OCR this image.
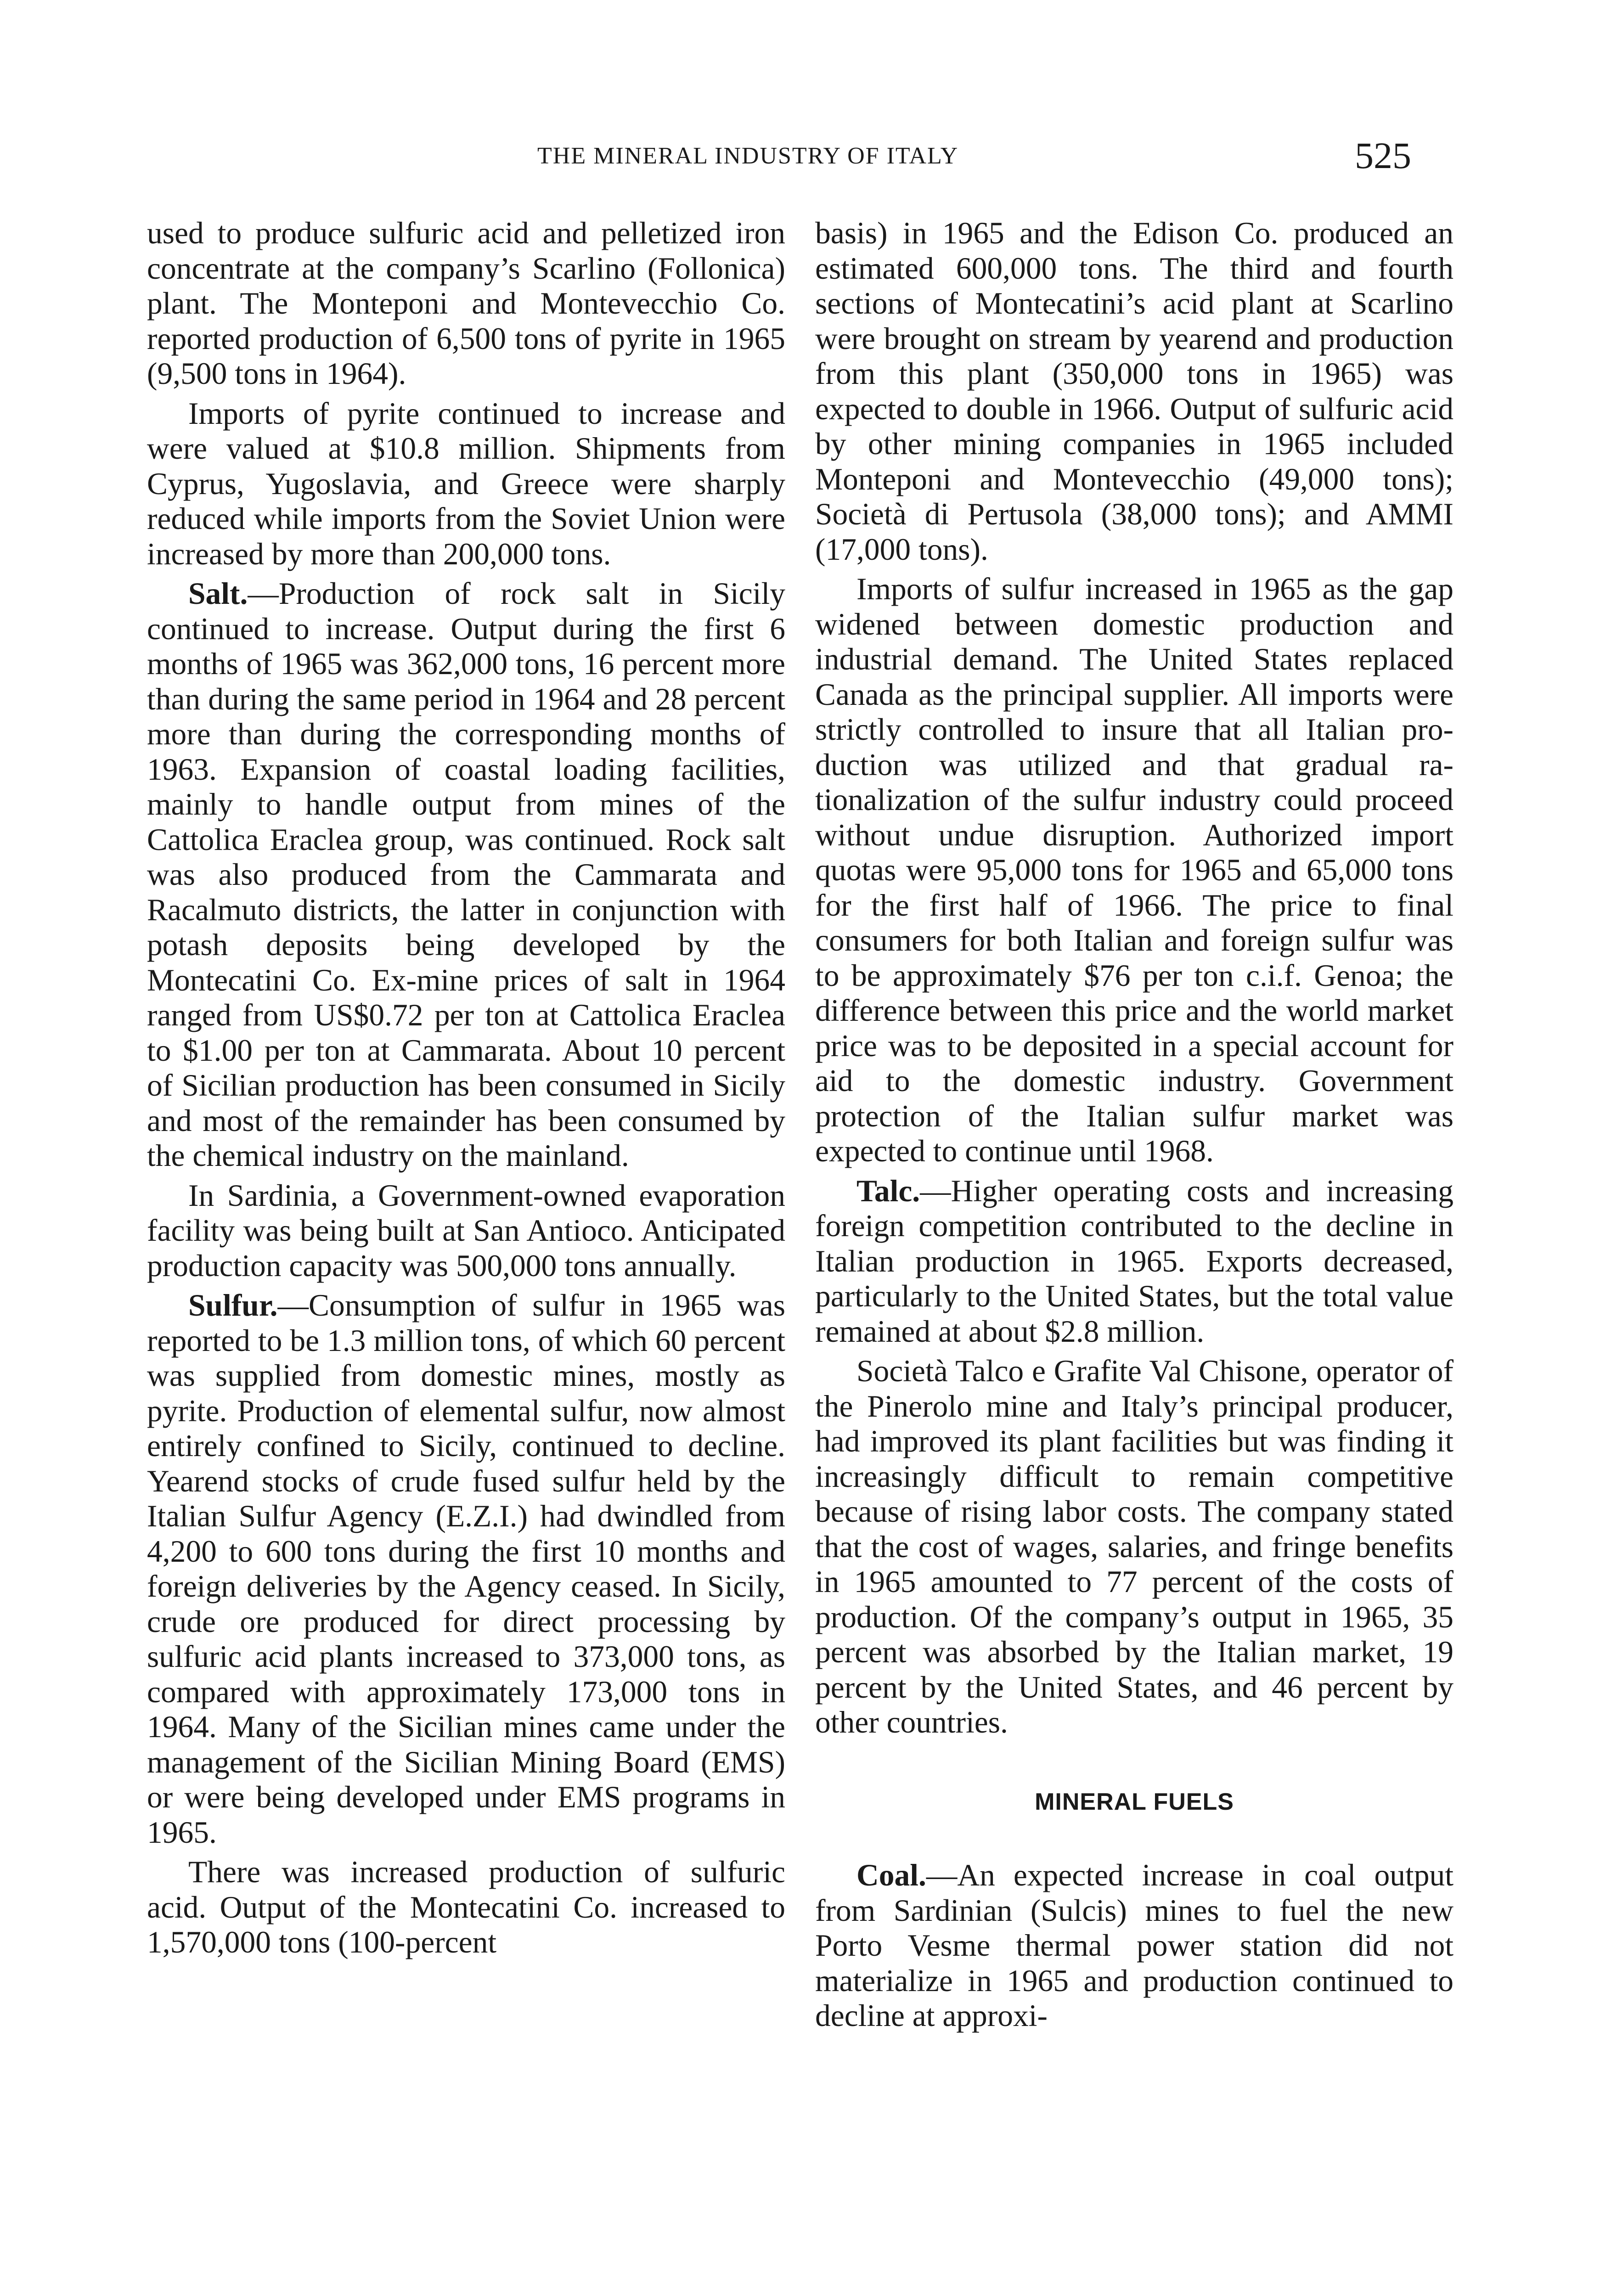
THE MINERAL INDUSTRY OF ITALY	525

used to produce sulfuric acid and pelletized iron concentrate at the company’s Scarlino (Follonica) plant. The Monteponi and Montevecchio Co. reported production of 6,500 tons of pyrite in 1965 (9,500 tons in 1964).

Imports of pyrite continued to increase and were valued at $10.8 million. Shipments from Cyprus, Yugoslavia, and Greece were sharply reduced while imports from the Soviet Union were increased by more than 200,000 tons.

Salt.—Production of rock salt in Sicily continued to increase. Output during the first 6 months of 1965 was 362,000 tons, 16 percent more than during the same period in 1964 and 28 percent more than during the corresponding months of 1963. Expansion of coastal loading facilities, mainly to handle output from mines of the Cattolica Eraclea group, was continued. Rock salt was also produced from the Cammarata and Racalmuto districts, the latter in conjunction with potash deposits being developed by the Montecatini Co. Ex-mine prices of salt in 1964 ranged from US$0.72 per ton at Cattolica Eraclea to $1.00 per ton at Cammarata. About 10 percent of Sicilian production has been consumed in Sicily and most of the remainder has been consumed by the chemical industry on the mainland.

In Sardinia, a Government-owned evaporation facility was being built at San Antioco. Anticipated production capacity was 500,000 tons annually.

Sulfur.—Consumption of sulfur in 1965 was reported to be 1.3 million tons, of which 60 percent was supplied from domestic mines, mostly as pyrite. Production of elemental sulfur, now almost entirely confined to Sicily, continued to decline. Yearend stocks of crude fused sulfur held by the Italian Sulfur Agency (E.Z.I.) had dwindled from 4,200 to 600 tons during the first 10 months and foreign deliveries by the Agency ceased. In Sicily, crude ore produced for direct processing by sulfuric acid plants increased to 373,000 tons, as compared with approximately 173,000 tons in 1964. Many of the Sicilian mines came under the management of the Sicilian Mining Board (EMS) or were being developed under EMS programs in 1965.

There was increased production of sulfuric acid. Output of the Montecatini Co. increased to 1,570,000 tons (100-percent

basis) in 1965 and the Edison Co. produced an estimated 600,000 tons. The third and fourth sections of Montecatini’s acid plant at Scarlino were brought on stream by yearend and production from this plant (350,000 tons in 1965) was expected to double in 1966. Output of sulfuric acid by other mining companies in 1965 included Monteponi and Montevecchio (49,000 tons); Società di Pertusola (38,000 tons); and AMMI (17,000 tons).

Imports of sulfur increased in 1965 as the gap widened between domestic production and industrial demand. The United States replaced Canada as the principal supplier. All imports were strictly controlled to insure that all Italian production was utilized and that gradual rationalization of the sulfur industry could proceed without undue disruption. Authorized import quotas were 95,000 tons for 1965 and 65,000 tons for the first half of 1966. The price to final consumers for both Italian and foreign sulfur was to be approximately $76 per ton c.i.f. Genoa; the difference between this price and the world market price was to be deposited in a special account for aid to the domestic industry. Government protection of the Italian sulfur market was expected to continue until 1968.

Talc.—Higher operating costs and increasing foreign competition contributed to the decline in Italian production in 1965. Exports decreased, particularly to the United States, but the total value remained at about $2.8 million.

Società Talco e Grafite Val Chisone, operator of the Pinerolo mine and Italy’s principal producer, had improved its plant facilities but was finding it increasingly difficult to remain competitive because of rising labor costs. The company stated that the cost of wages, salaries, and fringe benefits in 1965 amounted to 77 percent of the costs of production. Of the company’s output in 1965, 35 percent was absorbed by the Italian market, 19 percent by the United States, and 46 percent by other countries.

MINERAL FUELS

Coal.—An expected increase in coal output from Sardinian (Sulcis) mines to fuel the new Porto Vesme thermal power station did not materialize in 1965 and production continued to decline at approxi-
